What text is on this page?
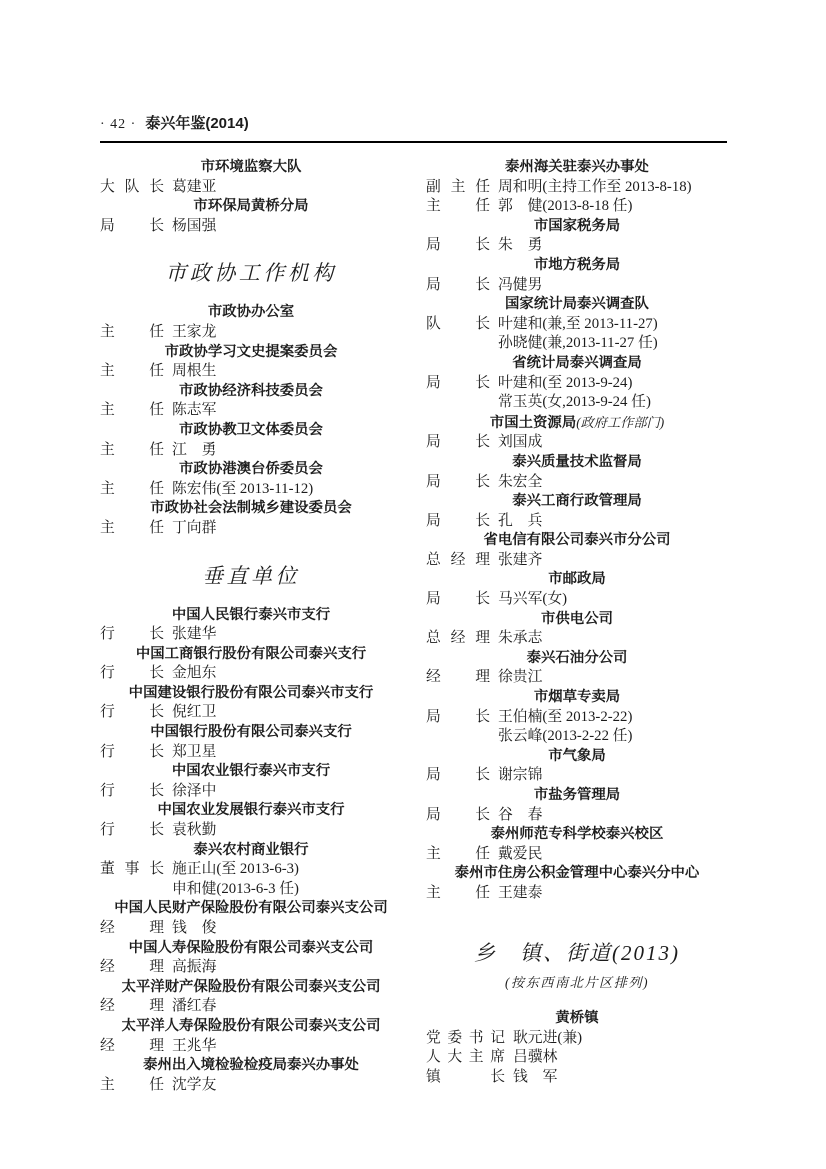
· 42 · 泰兴年鉴(2014)
市环境监察大队
大队长 葛建亚
市环保局黄桥分局
局长 杨国强
市政协工作机构
市政协办公室
主任 王家龙
市政协学习文史提案委员会
主任 周根生
市政协经济科技委员会
主任 陈志军
市政协教卫文体委员会
主任 江　勇
市政协港澳台侨委员会
主任 陈宏伟(至 2013-11-12)
市政协社会法制城乡建设委员会
主任 丁向群
垂直单位
中国人民银行泰兴市支行
行长 张建华
中国工商银行股份有限公司泰兴支行
行长 金旭东
中国建设银行股份有限公司泰兴市支行
行长 倪红卫
中国银行股份有限公司泰兴支行
行长 郑卫星
中国农业银行泰兴市支行
行长 徐泽中
中国农业发展银行泰兴市支行
行长 袁秋勤
泰兴农村商业银行
董事长 施正山(至 2013-6-3)
申和健(2013-6-3 任)
中国人民财产保险股份有限公司泰兴支公司
经理 钱　俊
中国人寿保险股份有限公司泰兴支公司
经理 高振海
太平洋财产保险股份有限公司泰兴支公司
经理 潘红春
太平洋人寿保险股份有限公司泰兴支公司
经理 王兆华
泰州出入境检验检疫局泰兴办事处
主任 沈学友
泰州海关驻泰兴办事处
副主任 周和明(主持工作至 2013-8-18)
主任 郭　健(2013-8-18 任)
市国家税务局
局长 朱　勇
市地方税务局
局长 冯健男
国家统计局泰兴调查队
队长 叶建和(兼,至 2013-11-27)
孙晓健(兼,2013-11-27 任)
省统计局泰兴调查局
局长 叶建和(至 2013-9-24)
常玉英(女,2013-9-24 任)
市国土资源局(政府工作部门)
局长 刘国成
泰兴质量技术监督局
局长 朱宏全
泰兴工商行政管理局
局长 孔　兵
省电信有限公司泰兴市分公司
总经理 张建齐
市邮政局
局长 马兴军(女)
市供电公司
总经理 朱承志
泰兴石油分公司
经理 徐贵江
市烟草专卖局
局长 王伯楠(至 2013-2-22)
张云峰(2013-2-22 任)
市气象局
局长 谢宗锦
市盐务管理局
局长 谷　春
泰州师范专科学校泰兴校区
主任 戴爱民
泰州市住房公积金管理中心泰兴分中心
主任 王建泰
乡　镇、街道(2013)
(按东西南北片区排列)
黄桥镇
党委书记 耿元进(兼)
人大主席 吕骥林
镇长 钱　军
